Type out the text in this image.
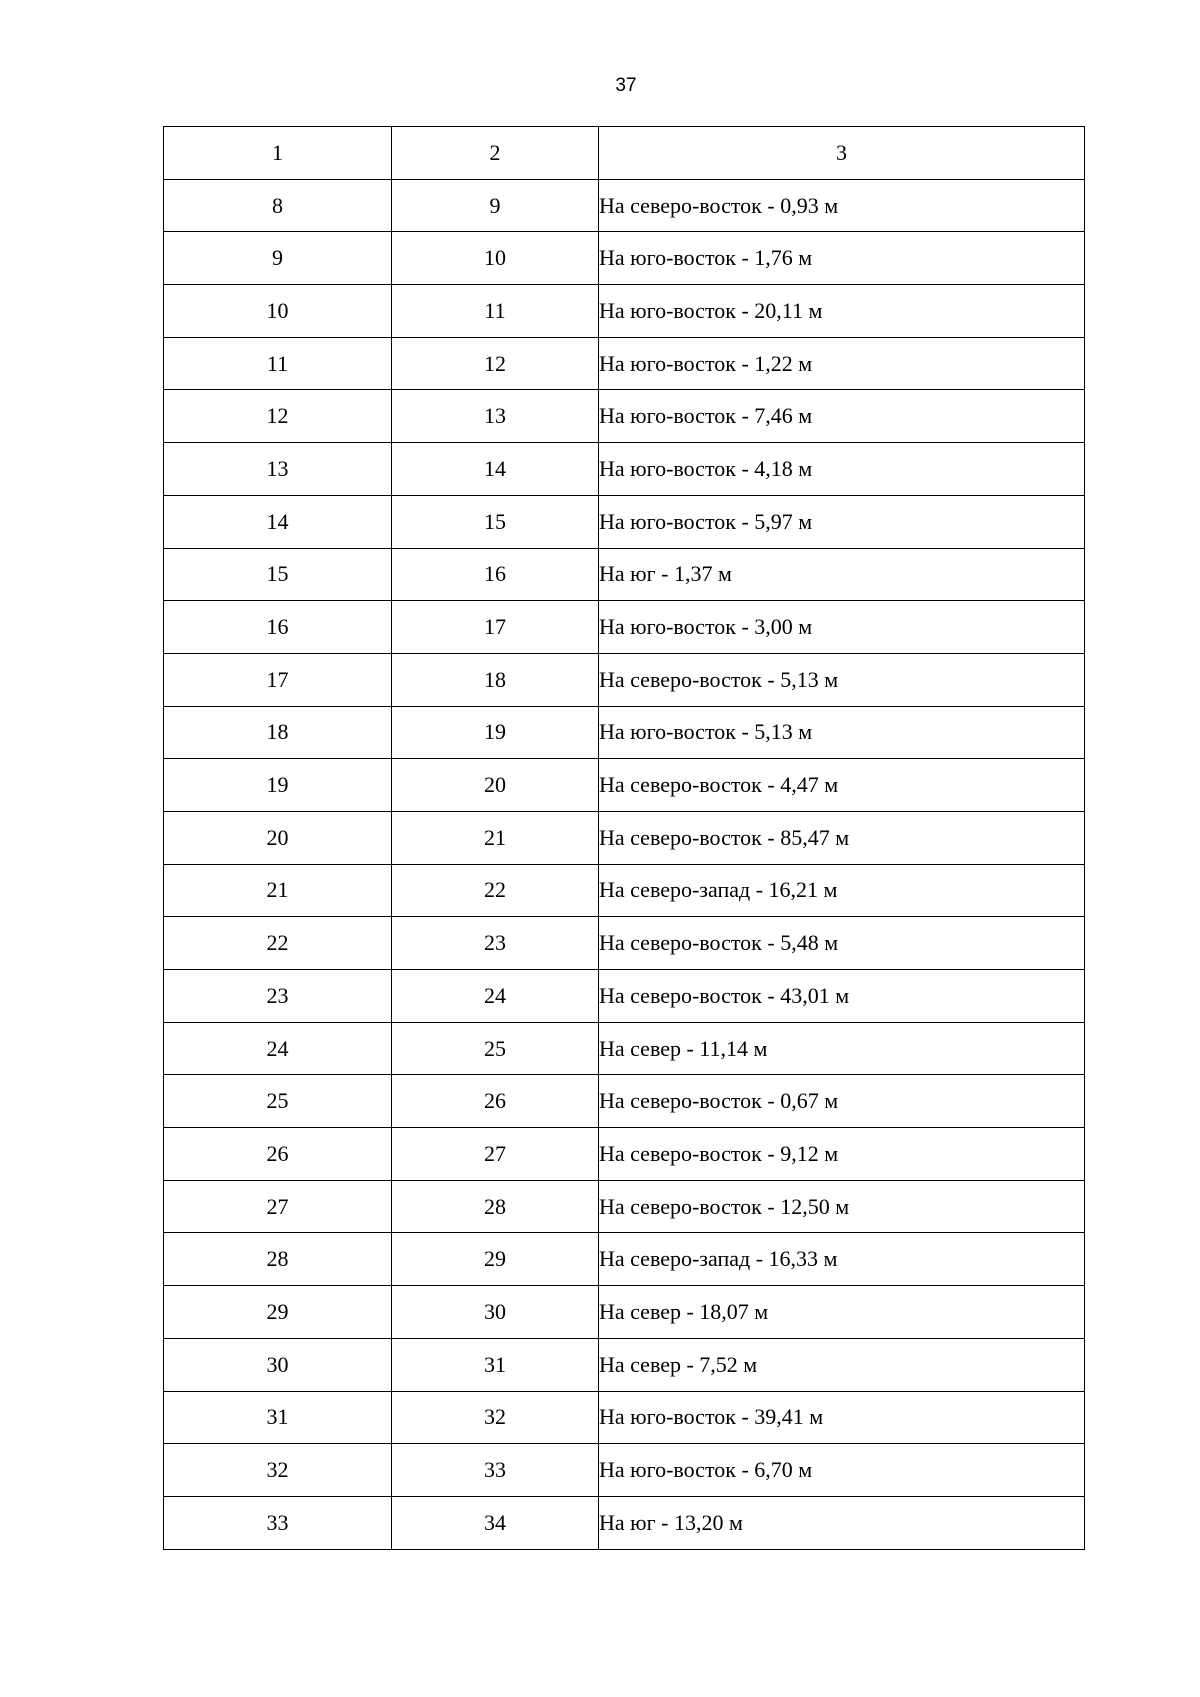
37
1	2	3
8	9	На северо-восток - 0,93 м
9	10	На юго-восток - 1,76 м
10	11	На юго-восток - 20,11 м
11	12	На юго-восток - 1,22 м
12	13	На юго-восток - 7,46 м
13	14	На юго-восток - 4,18 м
14	15	На юго-восток - 5,97 м
15	16	На юг - 1,37 м
16	17	На юго-восток - 3,00 м
17	18	На северо-восток - 5,13 м
18	19	На юго-восток - 5,13 м
19	20	На северо-восток - 4,47 м
20	21	На северо-восток - 85,47 м
21	22	На северо-запад - 16,21 м
22	23	На северо-восток - 5,48 м
23	24	На северо-восток - 43,01 м
24	25	На север - 11,14 м
25	26	На северо-восток - 0,67 м
26	27	На северо-восток - 9,12 м
27	28	На северо-восток - 12,50 м
28	29	На северо-запад - 16,33 м
29	30	На север - 18,07 м
30	31	На север - 7,52 м
31	32	На юго-восток - 39,41 м
32	33	На юго-восток - 6,70 м
33	34	На юг - 13,20 м
